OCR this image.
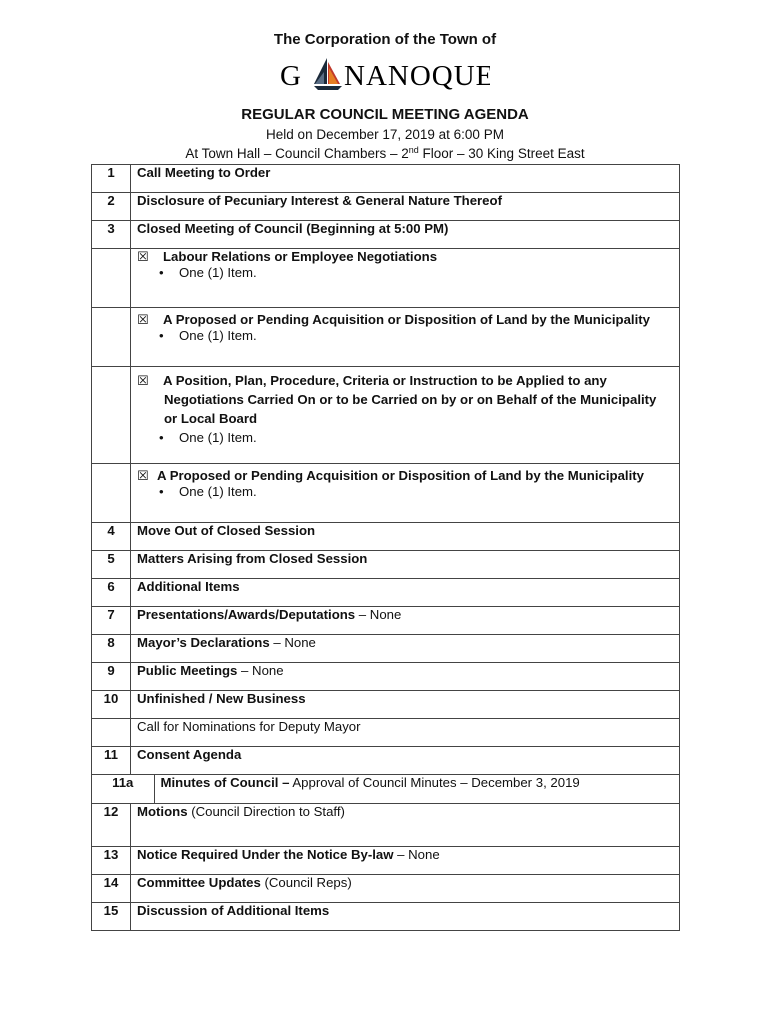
The Corporation of the Town of
G NANOQUE
REGULAR COUNCIL MEETING AGENDA
Held on December 17, 2019 at 6:00 PM
At Town Hall – Council Chambers – 2nd Floor – 30 King Street East
1	Call Meeting to Order
2	Disclosure of Pecuniary Interest & General Nature Thereof
3	Closed Meeting of Council (Beginning at 5:00 PM)

☒ Labour Relations or Employee Negotiations
• One (1) Item.

☒ A Proposed or Pending Acquisition or Disposition of Land by the Municipality
• One (1) Item.

☒ A Position, Plan, Procedure, Criteria or Instruction to be Applied to any
Negotiations Carried On or to be Carried on by or on Behalf of the Municipality
or Local Board
• One (1) Item.

☒ A Proposed or Pending Acquisition or Disposition of Land by the Municipality
• One (1) Item.

4	Move Out of Closed Session
5	Matters Arising from Closed Session
6	Additional Items
7	Presentations/Awards/Deputations – None
8	Mayor’s Declarations – None
9	Public Meetings – None
10	Unfinished / New Business
	Call for Nominations for Deputy Mayor
11	Consent Agenda

11a	Minutes of Council – Approval of Council Minutes – December 3, 2019

12	Motions (Council Direction to Staff)
13	Notice Required Under the Notice By-law – None
14	Committee Updates (Council Reps)
15	Discussion of Additional Items
